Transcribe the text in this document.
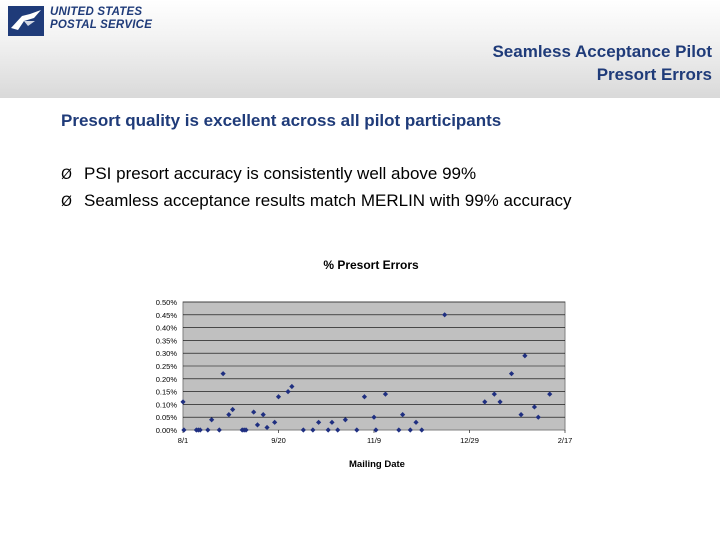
UNITED STATES
POSTAL SERVICE
Seamless Acceptance Pilot
Presort Errors
Presort quality is excellent across all pilot participants
Ø PSI presort accuracy is consistently well above 99%
Ø Seamless acceptance results match MERLIN with 99% accuracy
% Presort Errors
0.00%
0.05%
0.10%
0.15%
0.20%
0.25%
0.30%
0.35%
0.40%
0.45%
0.50%
8/1	9/20	11/9	12/29	2/17
Mailing Date
